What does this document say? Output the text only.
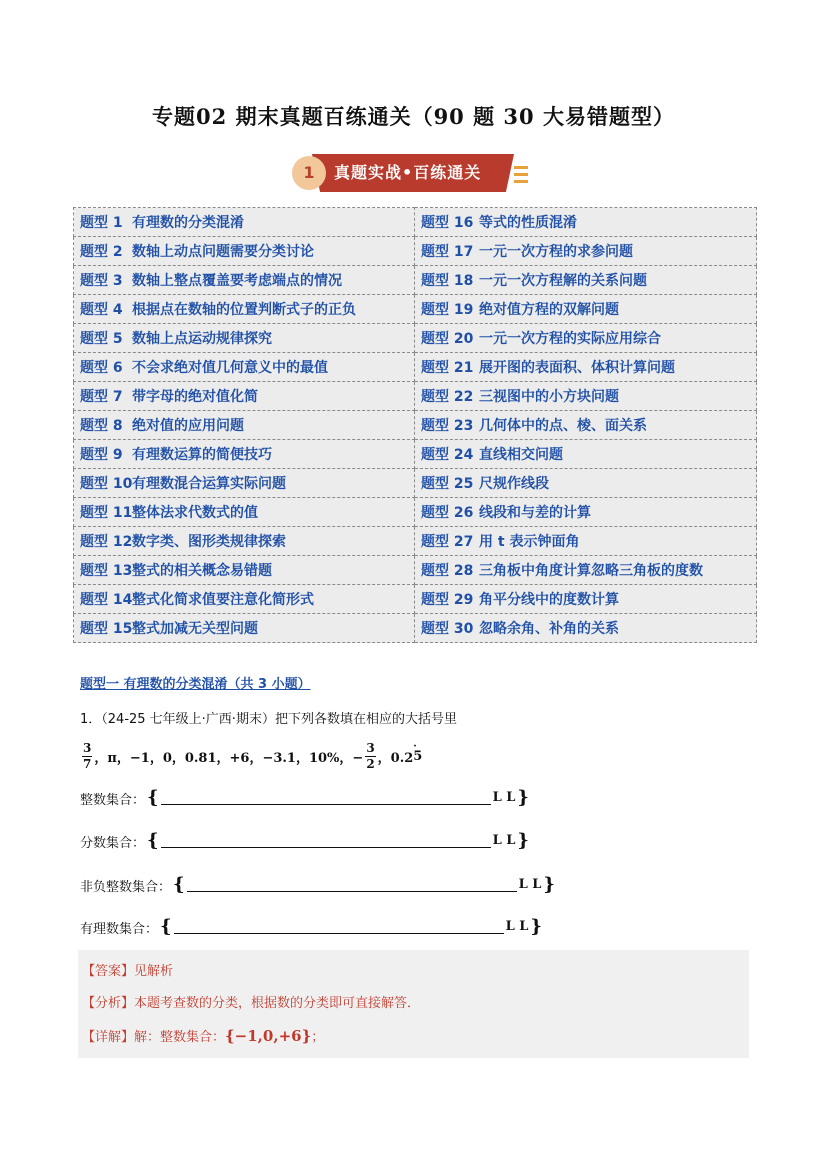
专题02 期末真题百练通关（90 题 30 大易错题型）
1	真题实战•百练通关
题型 1 有理数的分类混淆	题型 16 等式的性质混淆
题型 2 数轴上动点问题需要分类讨论	题型 17 一元一次方程的求参问题
题型 3 数轴上整点覆盖要考虑端点的情况	题型 18 一元一次方程解的关系问题
题型 4 根据点在数轴的位置判断式子的正负	题型 19 绝对值方程的双解问题
题型 5 数轴上点运动规律探究	题型 20 一元一次方程的实际应用综合
题型 6 不会求绝对值几何意义中的最值	题型 21 展开图的表面积、体积计算问题
题型 7 带字母的绝对值化简	题型 22 三视图中的小方块问题
题型 8 绝对值的应用问题	题型 23 几何体中的点、棱、面关系
题型 9 有理数运算的简便技巧	题型 24 直线相交问题
题型 10有理数混合运算实际问题	题型 25 尺规作线段
题型 11整体法求代数式的值	题型 26 线段和与差的计算
题型 12数字类、图形类规律探索	题型 27 用 t 表示钟面角
题型 13整式的相关概念易错题	题型 28 三角板中角度计算忽略三角板的度数
题型 14整式化简求值要注意化简形式	题型 29 角平分线中的度数计算
题型 15整式加减无关型问题	题型 30 忽略余角、补角的关系
题型一 有理数的分类混淆（共 3 小题）
1．（24-25 七年级上·广西·期末）把下列各数填在相应的大括号里
$\frac{3}{7}$ ，π，−1，0，0.81，+6，−3.1，10%，− $\frac{3}{2}$ ，0.2
·
5
整数集合： {	L L }
分数集合： {	L L }
非负整数集合： {	L L }
有理数集合： {	L L }
【答案】见解析
【分析】本题考查数的分类，根据数的分类即可直接解答．
【详解】解：整数集合：{−1,0,+6}；
